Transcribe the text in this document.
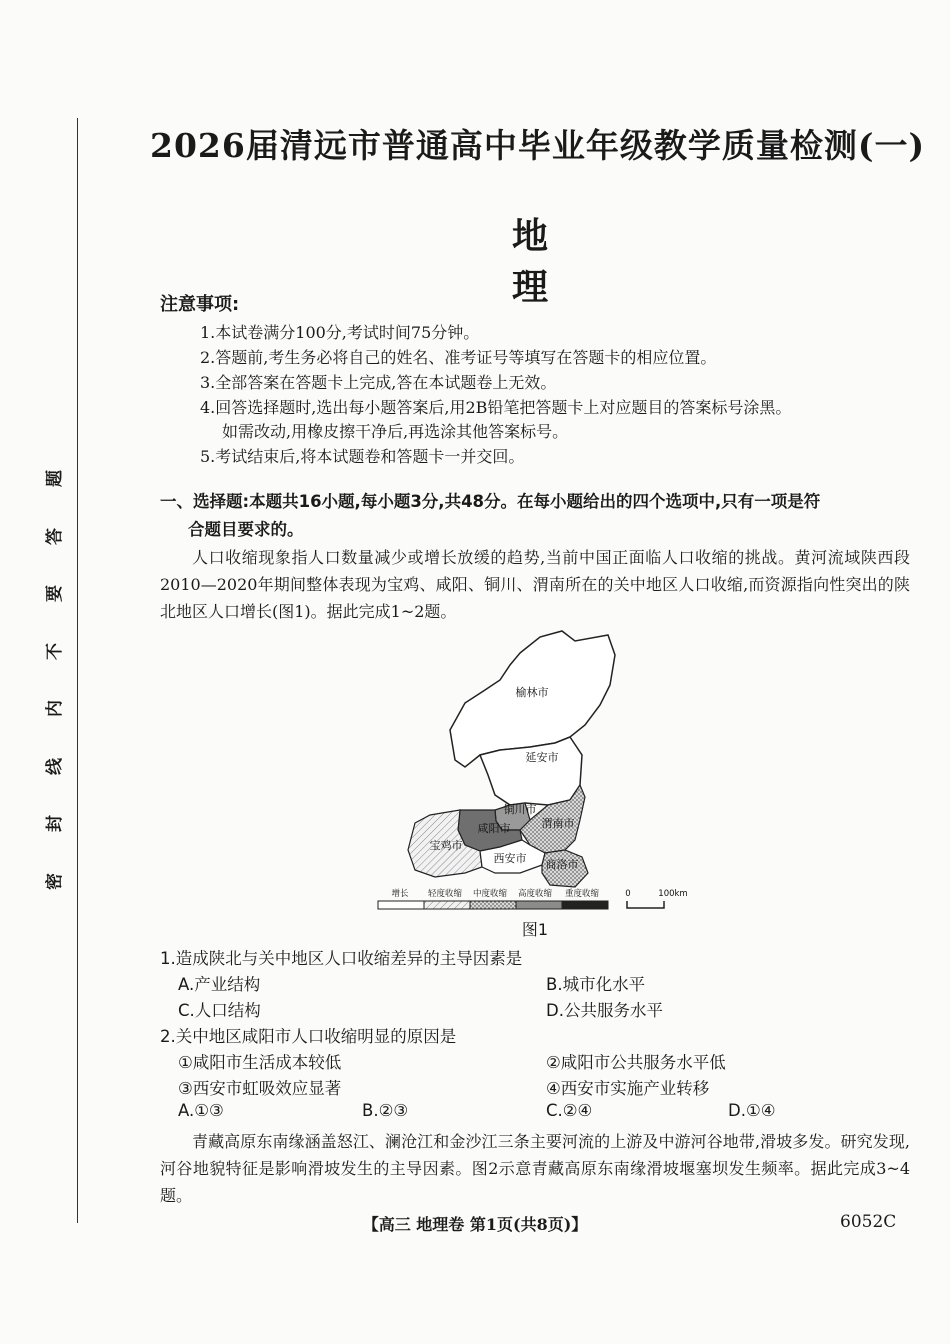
题
答
要
不
内
线
封
密
2026届清远市普通高中毕业年级教学质量检测(一)
地理
注意事项:
1.本试卷满分100分,考试时间75分钟。
2.答题前,考生务必将自己的姓名、准考证号等填写在答题卡的相应位置。
3.全部答案在答题卡上完成,答在本试题卷上无效。
4.回答选择题时,选出每小题答案后,用2B铅笔把答题卡上对应题目的答案标号涂黑。
如需改动,用橡皮擦干净后,再选涂其他答案标号。
5.考试结束后,将本试题卷和答题卡一并交回。
一、选择题:本题共16小题,每小题3分,共48分。在每小题给出的四个选项中,只有一项是符
合题目要求的。
人口收缩现象指人口数量减少或增长放缓的趋势,当前中国正面临人口收缩的挑战。黄河流域陕西段2010—2020年期间整体表现为宝鸡、咸阳、铜川、渭南所在的关中地区人口收缩,而资源指向性突出的陕北地区人口增长(图1)。据此完成1~2题。
榆林市
延安市
铜川市
咸阳市	渭南市
宝鸡市
西安市 商洛市
增长 轻度收缩 中度收缩 高度收缩 重度收缩	0	100km
图1
1.造成陕北与关中地区人口收缩差异的主导因素是
A.产业结构	B.城市化水平
C.人口结构	D.公共服务水平
2.关中地区咸阳市人口收缩明显的原因是
①咸阳市生活成本较低	②咸阳市公共服务水平低
③西安市虹吸效应显著	④西安市实施产业转移
A.①③	B.②③	C.②④	D.①④
青藏高原东南缘涵盖怒江、澜沧江和金沙江三条主要河流的上游及中游河谷地带,滑坡多发。研究发现,河谷地貌特征是影响滑坡发生的主导因素。图2示意青藏高原东南缘滑坡堰塞坝发生频率。据此完成3~4题。
【高三 地理卷 第1页(共8页)】	6052C
